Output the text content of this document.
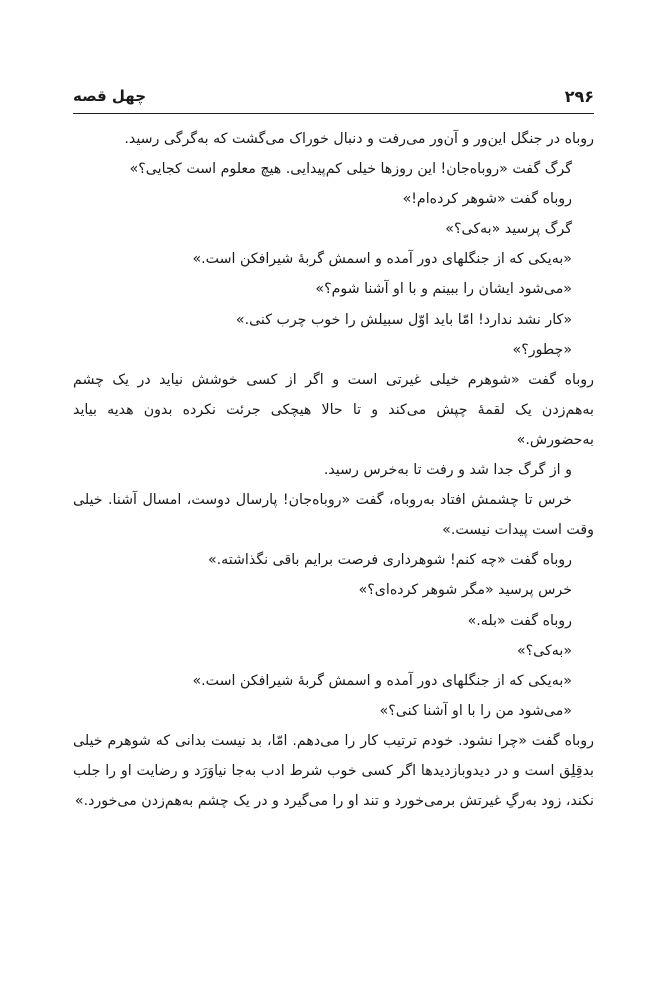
۲۹۶
چهل قصه

روباه در جنگل این‌ور و آن‌ور می‌رفت و دنبال خوراک می‌گشت که به‌گرگی رسید.

گرگ گفت «روباه‌جان! این روزها خیلی کم‌پیدایی. هیچ معلوم است کجایی؟»

روباه گفت «شوهر کرده‌ام!»

گرگ پرسید «به‌کی؟»

«به‌یکی که از جنگلهای دور آمده و اسمش گربهٔ شیرافکن است.»

«می‌شود ایشان را ببینم و با او آشنا شوم؟»

«کار نشد ندارد! امّا باید اوّل سبیلش را خوب چرب کنی.»

«چطور؟»

روباه گفت «شوهرم خیلی غیرتی است و اگر از کسی خوشش نیاید در یک چشم به‌هم‌زدن یک لقمهٔ چپش می‌کند و تا حالا هیچکی جرئت نکرده بدون هدیه بیاید به‌حضورش.»

و از گرگ جدا شد و رفت تا به‌خرس رسید.

خرس تا چشمش افتاد به‌روباه، گفت «روباه‌جان! پارسال دوست، امسال آشنا. خیلی وقت است پیدات نیست.»

روباه گفت «چه کنم! شوهرداری فرصت برایم باقی نگذاشته.»

خرس پرسید «مگر شوهر کرده‌ای؟»

روباه گفت «بله.»

«به‌کی؟»

«به‌یکی که از جنگلهای دور آمده و اسمش گربهٔ شیرافکن است.»

«می‌شود من را با او آشنا کنی؟»

روباه گفت «چرا نشود. خودم ترتیب کار را می‌دهم. امّا، بد نیست بدانی که شوهرم خیلی بدقِلِق است و در دیدوبازدیدها اگر کسی خوب شرط ادب به‌جا نیاوَرَد و رضایت او را جلب نکند، زود به‌رگِ غیرتش برمی‌خورد و تند او را می‌گیرد و در یک چشم به‌هم‌زدن می‌خورد.»
